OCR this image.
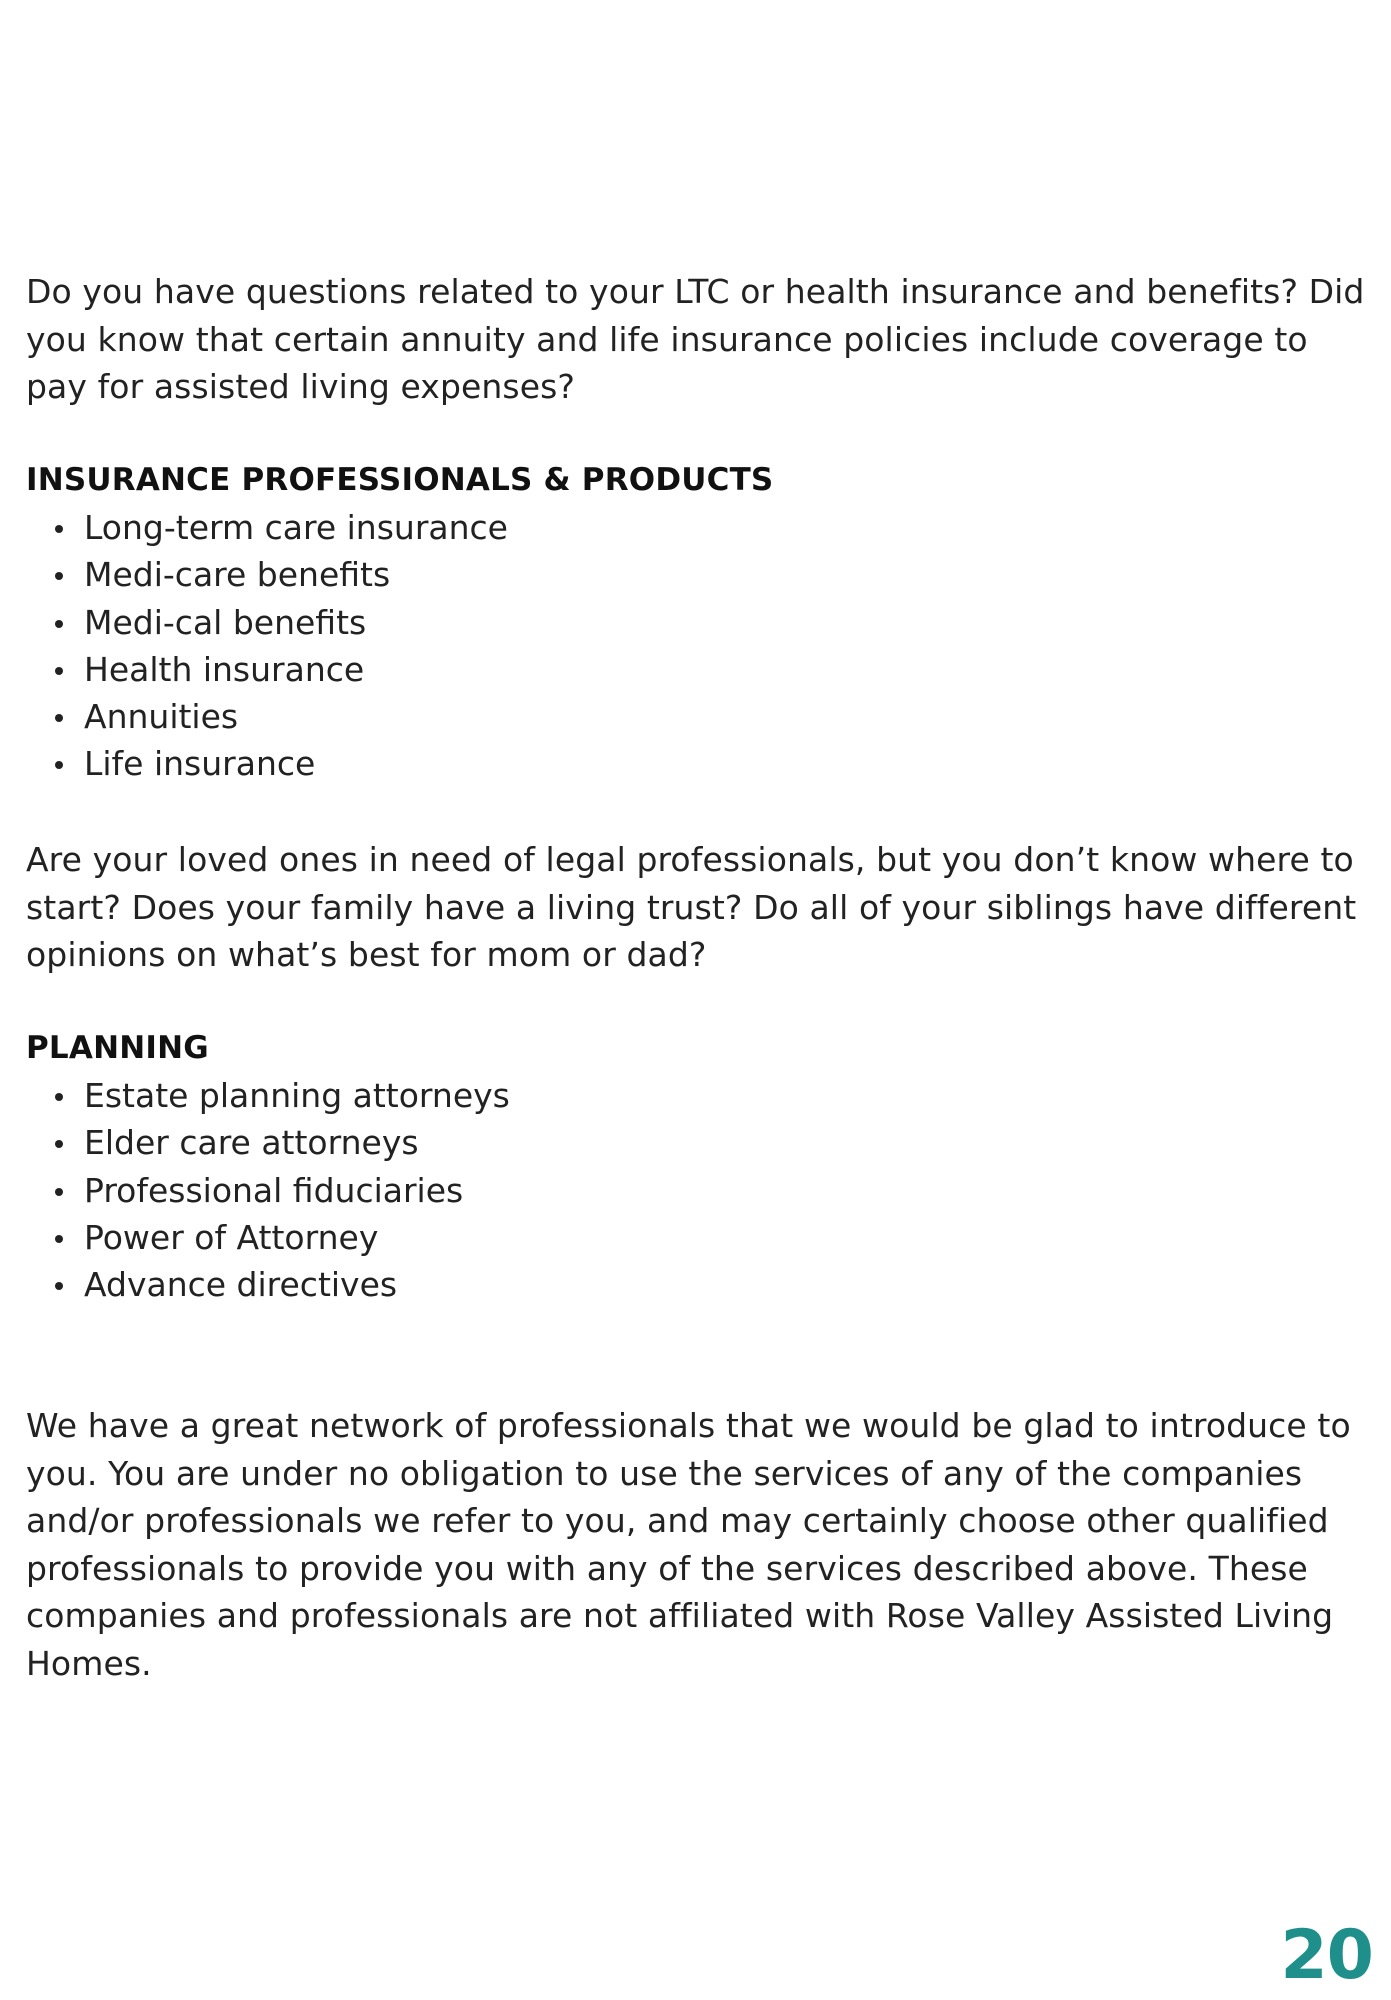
Do you have questions related to your LTC or health insurance and benefits? Did you know that certain annuity and life insurance policies include coverage to pay for assisted living expenses?

INSURANCE PROFESSIONALS & PRODUCTS
Long-term care insurance
Medi-care benefits
Medi-cal benefits
Health insurance
Annuities
Life insurance

Are your loved ones in need of legal professionals, but you don’t know where to start? Does your family have a living trust? Do all of your siblings have different opinions on what’s best for mom or dad?

PLANNING
Estate planning attorneys
Elder care attorneys
Professional fiduciaries
Power of Attorney
Advance directives

We have a great network of professionals that we would be glad to introduce to you. You are under no obligation to use the services of any of the companies and/or professionals we refer to you, and may certainly choose other qualified professionals to provide you with any of the services described above. These companies and professionals are not affiliated with Rose Valley Assisted Living Homes.

20
